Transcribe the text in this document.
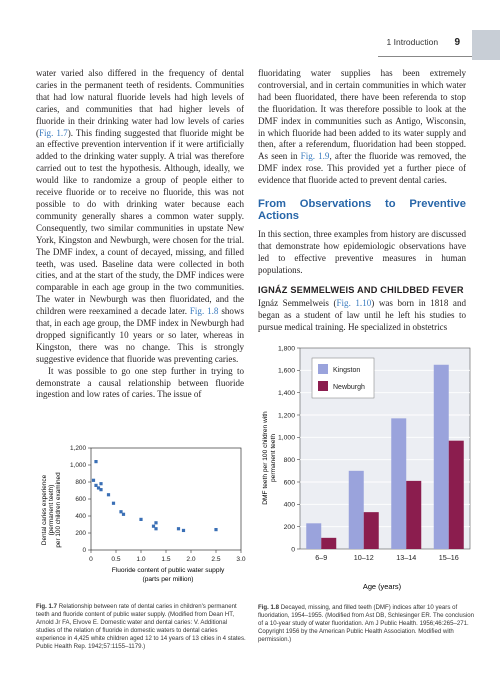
1 Introduction 9

water varied also differed in the frequency of dental caries in the permanent teeth of residents. Communities that had low natural fluoride levels had high levels of caries, and communities that had higher levels of fluoride in their drinking water had low levels of caries (Fig. 1.7). This finding suggested that fluoride might be an effective prevention intervention if it were artificially added to the drinking water supply. A trial was therefore carried out to test the hypothesis. Although, ideally, we would like to randomize a group of people either to receive fluoride or to receive no fluoride, this was not possible to do with drinking water because each community generally shares a common water supply. Consequently, two similar communities in upstate New York, Kingston and Newburgh, were chosen for the trial. The DMF index, a count of decayed, missing, and filled teeth, was used. Baseline data were collected in both cities, and at the start of the study, the DMF indices were comparable in each age group in the two communities. The water in Newburgh was then fluoridated, and the children were reexamined a decade later. Fig. 1.8 shows that, in each age group, the DMF index in Newburgh had dropped significantly 10 years or so later, whereas in Kingston, there was no change. This is strongly suggestive evidence that fluoride was preventing caries.

It was possible to go one step further in trying to demonstrate a causal relationship between fluoride ingestion and low rates of caries. The issue of

fluoridating water supplies has been extremely controversial, and in certain communities in which water had been fluoridated, there have been referenda to stop the fluoridation. It was therefore possible to look at the DMF index in communities such as Antigo, Wisconsin, in which fluoride had been added to its water supply and then, after a referendum, fluoridation had been stopped. As seen in Fig. 1.9, after the fluoride was removed, the DMF index rose. This provided yet a further piece of evidence that fluoride acted to prevent dental caries.

From Observations to Preventive Actions

In this section, three examples from history are discussed that demonstrate how epidemiologic observations have led to effective preventive measures in human populations.

IGNÁZ SEMMELWEIS AND CHILDBED FEVER

Ignáz Semmelweis (Fig. 1.10) was born in 1818 and began as a student of law until he left his studies to pursue medical training. He specialized in obstetrics

Dental caries experience (permanent teeth) per 100 children examined
Fluoride content of public water supply
(parts per million)
0
200
400
600
800
1,000
1,200
0	0.5 1.0 1.5 2.0 2.5 3.0
DMF teeth per 100 children with permanent teeth
Age (years)
0
200
400
600
800
1,000
1,200
1,400
1,600
1,800
6–9	10–12	13–14	15–16
Kingston
Newburgh
Fig. 1.7 Relationship between rate of dental caries in children's permanent teeth and fluoride content of public water supply. (Modified from Dean HT, Arnold Jr FA, Elvove E. Domestic water and dental caries: V. Additional studies of the relation of fluoride in domestic waters to dental caries experience in 4,425 white children aged 12 to 14 years of 13 cities in 4 states. Public Health Rep. 1942;57:1155–1179.)
Fig. 1.8 Decayed, missing, and filled teeth (DMF) indices after 10 years of fluoridation, 1954–1955. (Modified from Ast DB, Schlesinger ER. The conclusion of a 10-year study of water fluoridation. Am J Public Health. 1956;46:265–271. Copyright 1956 by the American Public Health Association. Modified with permission.)
